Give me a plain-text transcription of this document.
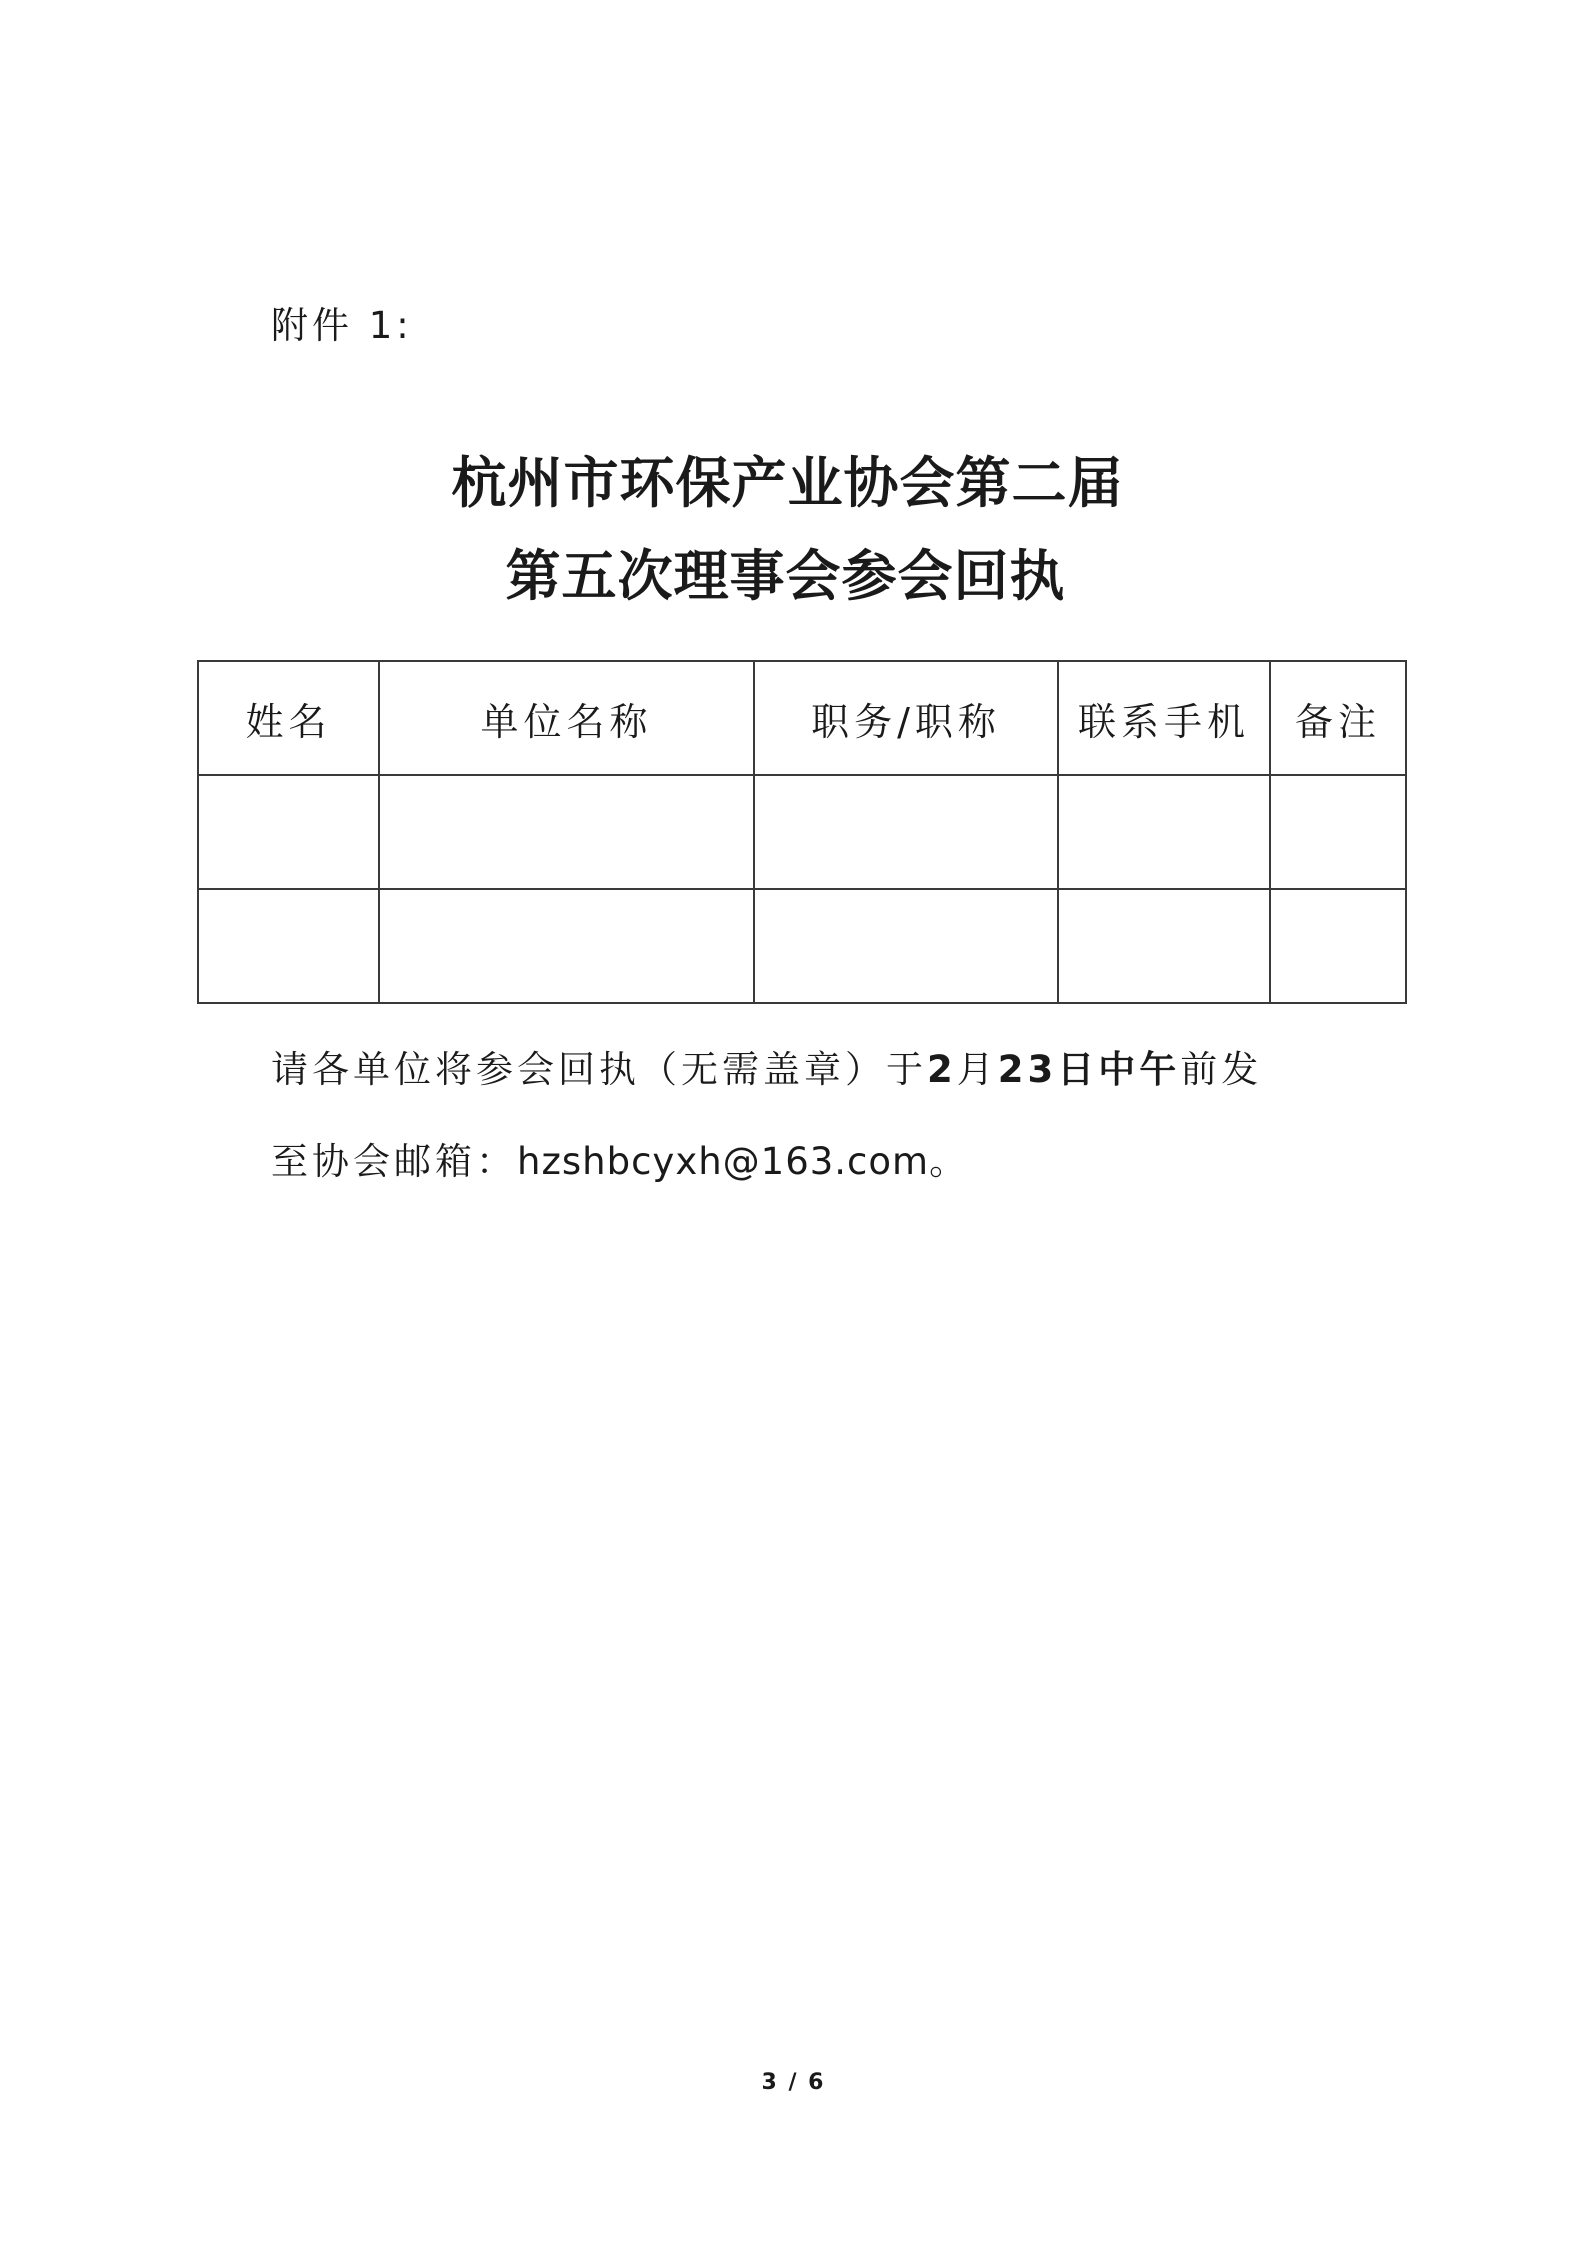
附件 1:
杭州市环保产业协会第二届
第五次理事会参会回执
姓名	单位名称	职务/职称	联系手机	备注

请各单位将参会回执（无需盖章）于2月23日中午前发
至协会邮箱：hzshbcyxh@163.com。
3 / 6
